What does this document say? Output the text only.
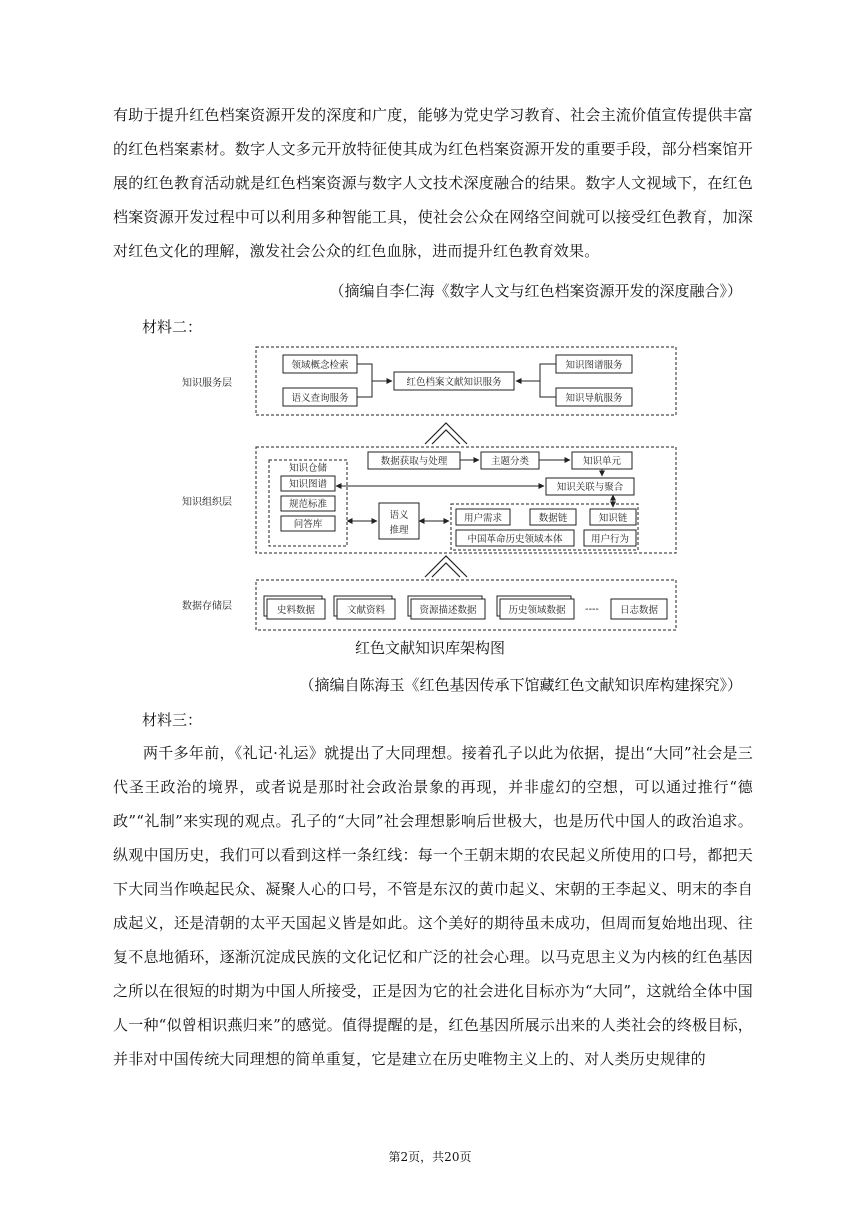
有助于提升红色档案资源开发的深度和广度，能够为党史学习教育、社会主流价值宣传提供丰富的红色档案素材。数字人文多元开放特征使其成为红色档案资源开发的重要手段，部分档案馆开展的红色教育活动就是红色档案资源与数字人文技术深度融合的结果。数字人文视域下，在红色档案资源开发过程中可以利用多种智能工具，使社会公众在网络空间就可以接受红色教育，加深对红色文化的理解，激发社会公众的红色血脉，进而提升红色教育效果。
（摘编自李仁海《数字人文与红色档案资源开发的深度融合》）
材料二：
知识服务层
知识组织层
数据存储层
领域概念检索
语义查询服务
红色档案文献知识服务
知识图谱服务
知识导航服务
数据获取与处理	主题分类	知识单元
知识关联与聚合
知识仓储
知识图谱
规范标准
问答库
语义
推理
用户需求	数据链	知识链
中国革命历史领域本体	用户行为
史料数据	文献资料	资源描述数据	历史领域数据 ---- 日志数据
红色文献知识库架构图
（摘编自陈海玉《红色基因传承下馆藏红色文献知识库构建探究》）
材料三：
两千多年前，《礼记·礼运》就提出了大同理想。接着孔子以此为依据，提出“大同”社会是三代圣王政治的境界，或者说是那时社会政治景象的再现，并非虚幻的空想，可以通过推行“德政”“礼制”来实现的观点。孔子的“大同”社会理想影响后世极大，也是历代中国人的政治追求。纵观中国历史，我们可以看到这样一条红线：每一个王朝末期的农民起义所使用的口号，都把天下大同当作唤起民众、凝聚人心的口号，不管是东汉的黄巾起义、宋朝的王李起义、明末的李自成起义，还是清朝的太平天国起义皆是如此。这个美好的期待虽未成功，但周而复始地出现、往复不息地循环，逐渐沉淀成民族的文化记忆和广泛的社会心理。以马克思主义为内核的红色基因之所以在很短的时期为中国人所接受，正是因为它的社会进化目标亦为“大同”，这就给全体中国人一种“似曾相识燕归来”的感觉。值得提醒的是，红色基因所展示出来的人类社会的终极目标，并非对中国传统大同理想的简单重复，它是建立在历史唯物主义上的、对人类历史规律的
第2页，共20页
